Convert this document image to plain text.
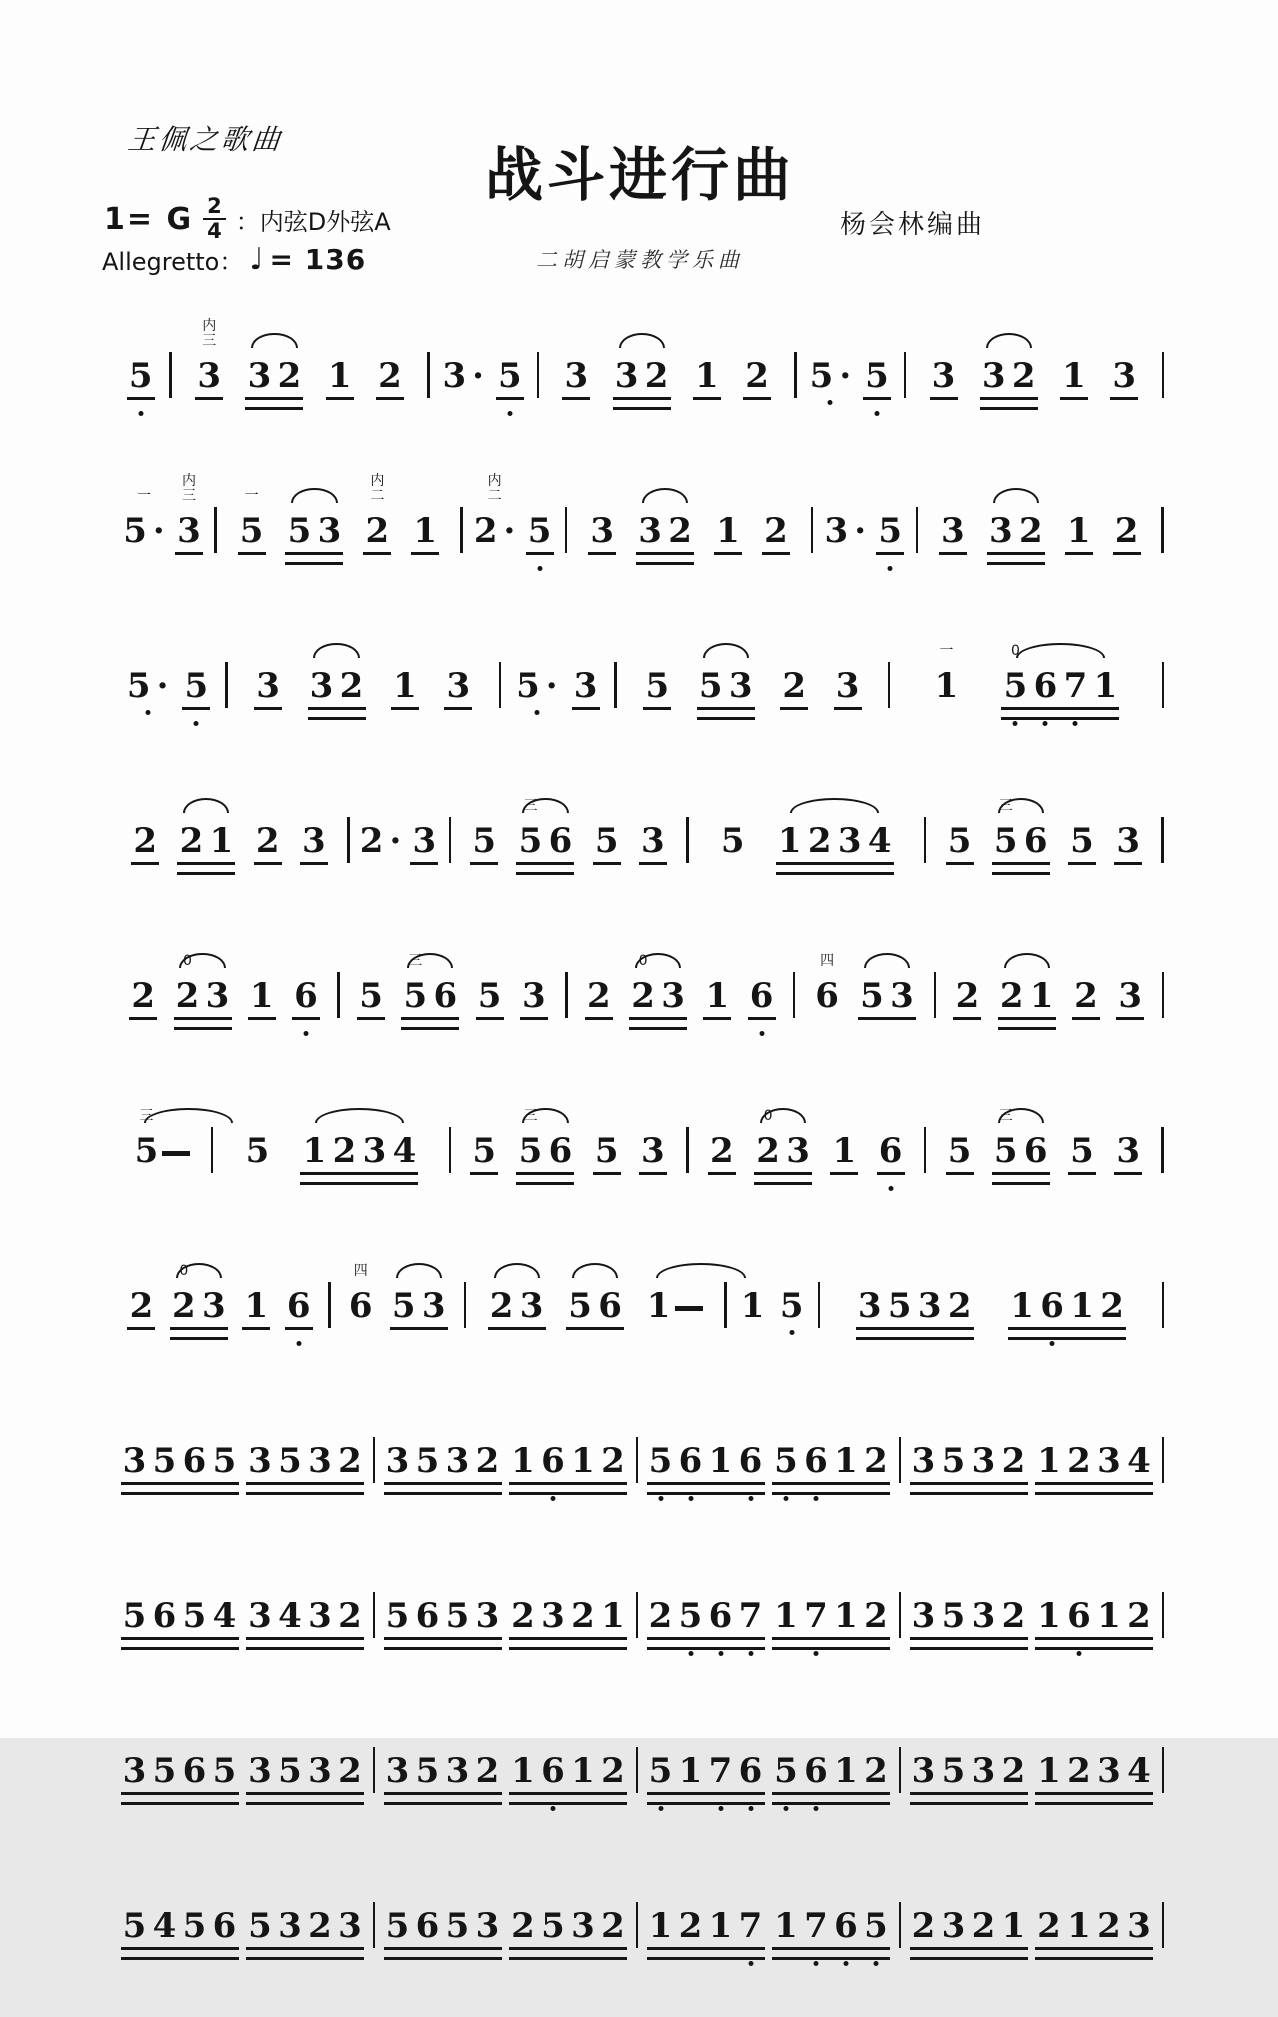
王佩之歌曲
战斗进行曲
1= G $\frac{2}{4}$ ：内弦D外弦A
Allegretto： ♩ = 136	二胡启蒙教学乐曲
杨会林编曲
5
内
三
3 3 2 1 2 3 · 5 3 3 2 1 2 5 · 5 3 3 2 1 3
一
5 ·
内
三
3
一
5 5 3
内
二
2 1
内
二
2 · 5 3 3 2 1 2 3 · 5 3 3 2 1 2
5 · 5 3 3 2 1 3 5 · 3 5 5 3 2 3
一
1
0
5 6 7 1
2 2 1 2 3 2 · 3 5
三
5 6 5 3 5 1 2 3 4 5
三
5 6 5 3
2
0
2 3 1 6 5
三
5 6 5 3 2
0
2 3 1 6
四
6 5 3 2 2 1 2 3
三
5	5 1 2 3 4 5
三
5 6 5 3 2
0
2 3 1 6 5
三
5 6 5 3
2
0
2 3 1 6
四
6 5 3 2 3 5 6 1 1 5 3 5 3 2 1 6 1 2
3 5 6 5 3 5 3 2 3 5 3 2 1 6 1 2 5 6 1 6 5 6 1 2 3 5 3 2 1 2 3 4
5 6 5 4 3 4 3 2 5 6 5 3 2 3 2 1 2 5 6 7 1 7 1 2 3 5 3 2 1 6 1 2
3 5 6 5 3 5 3 2 3 5 3 2 1 6 1 2 5 1 7 6 5 6 1 2 3 5 3 2 1 2 3 4
5 4 5 6 5 3 2 3 5 6 5 3 2 5 3 2 1 2 1 7 1 7 6 5 2 3 2 1 2 1 2 3
